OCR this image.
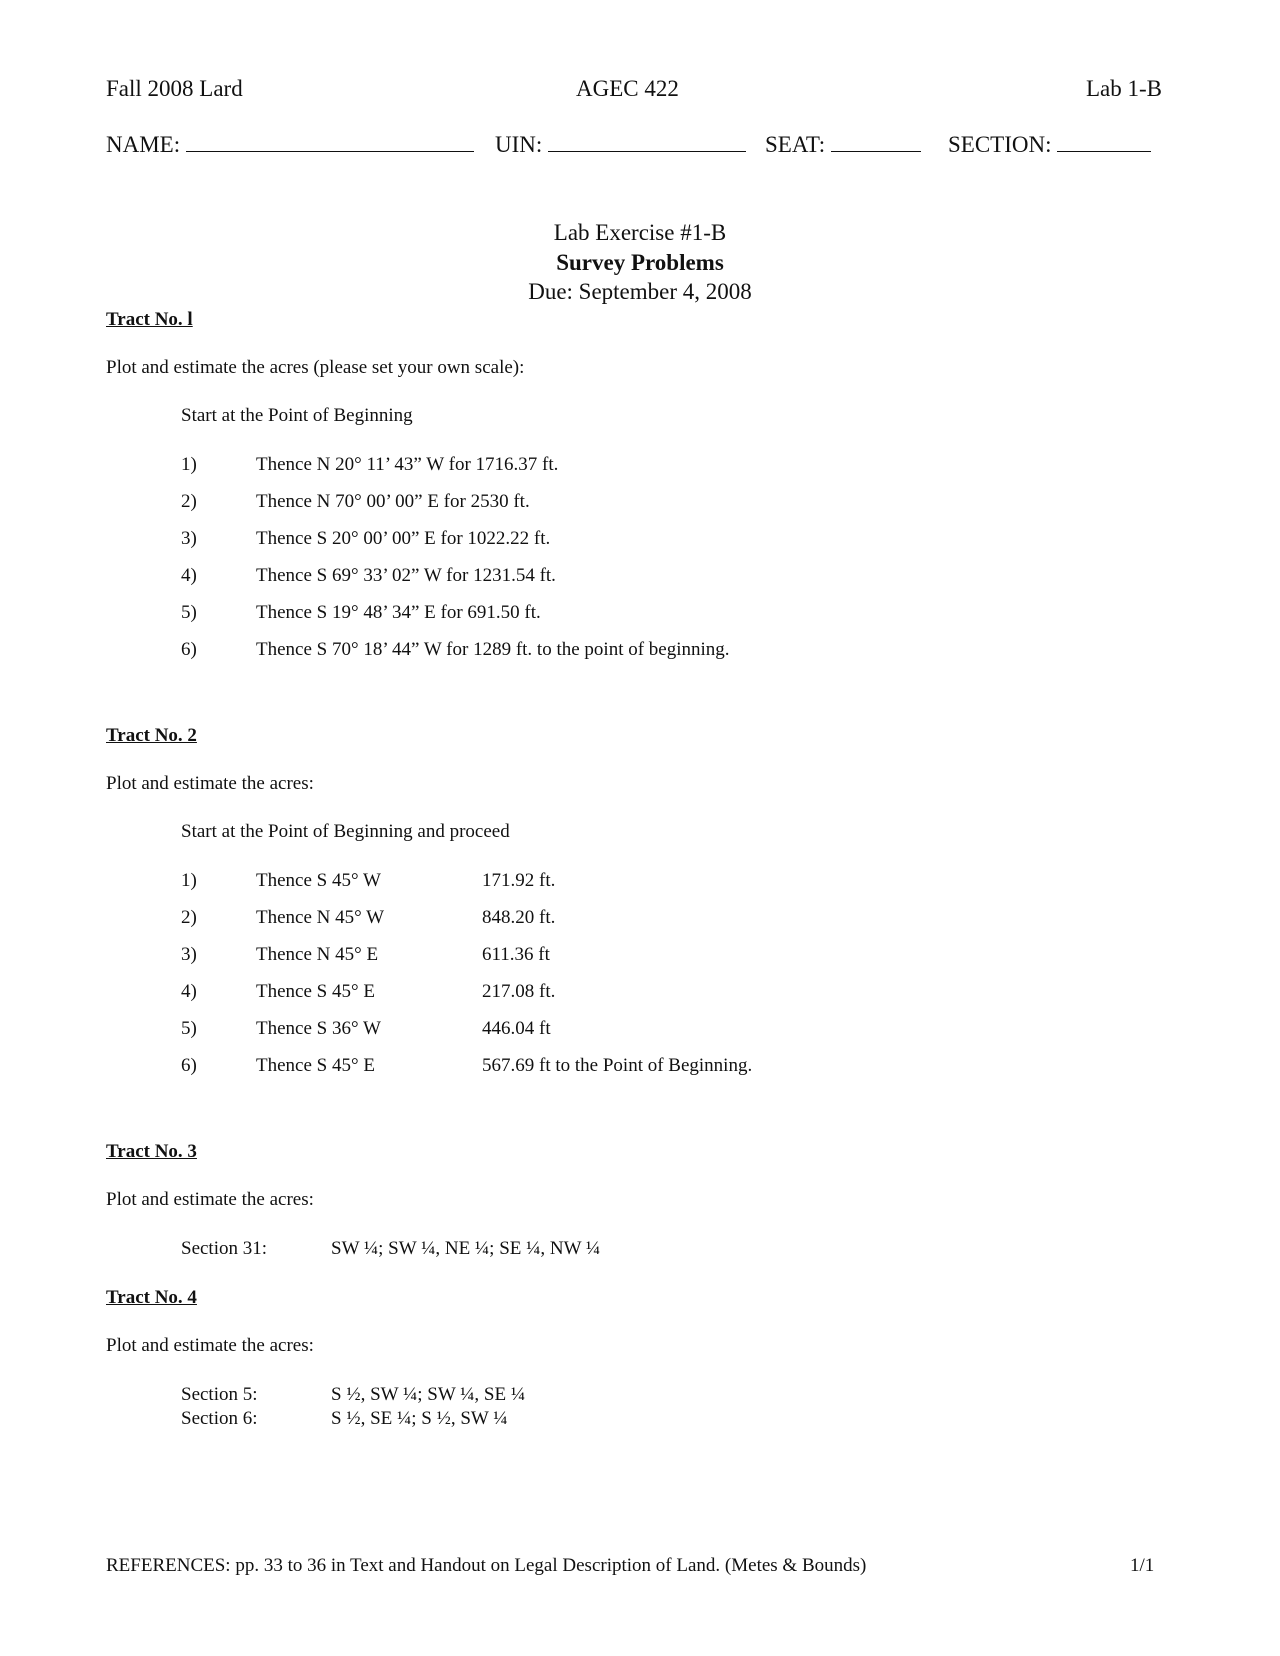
Fall 2008 Lard	AGEC 422	Lab 1-B
NAME:	UIN:	SEAT:	SECTION:
Lab Exercise #1-B
Survey Problems
Due: September 4, 2008
Tract No. l
Plot and estimate the acres (please set your own scale):
Start at the Point of Beginning
1)	Thence N 20° 11’ 43” W for 1716.37 ft.
2)	Thence N 70° 00’ 00” E for 2530 ft.
3)	Thence S 20° 00’ 00” E for 1022.22 ft.
4)	Thence S 69° 33’ 02” W for 1231.54 ft.
5)	Thence S 19° 48’ 34” E for 691.50 ft.
6)	Thence S 70° 18’ 44” W for 1289 ft. to the point of beginning.
Tract No. 2
Plot and estimate the acres:
Start at the Point of Beginning and proceed
1)	Thence S 45° W	171.92 ft.
2)	Thence N 45° W	848.20 ft.
3)	Thence N 45° E	611.36 ft
4)	Thence S 45° E	217.08 ft.
5)	Thence S 36° W	446.04 ft
6)	Thence S 45° E	567.69 ft to the Point of Beginning.
Tract No. 3
Plot and estimate the acres:
Section 31:	SW ¼; SW ¼, NE ¼; SE ¼, NW ¼
Tract No. 4
Plot and estimate the acres:
Section 5:	S ½, SW ¼; SW ¼, SE ¼
Section 6:	S ½, SE ¼; S ½, SW ¼
REFERENCES: pp. 33 to 36 in Text and Handout on Legal Description of Land. (Metes & Bounds)	1/1
